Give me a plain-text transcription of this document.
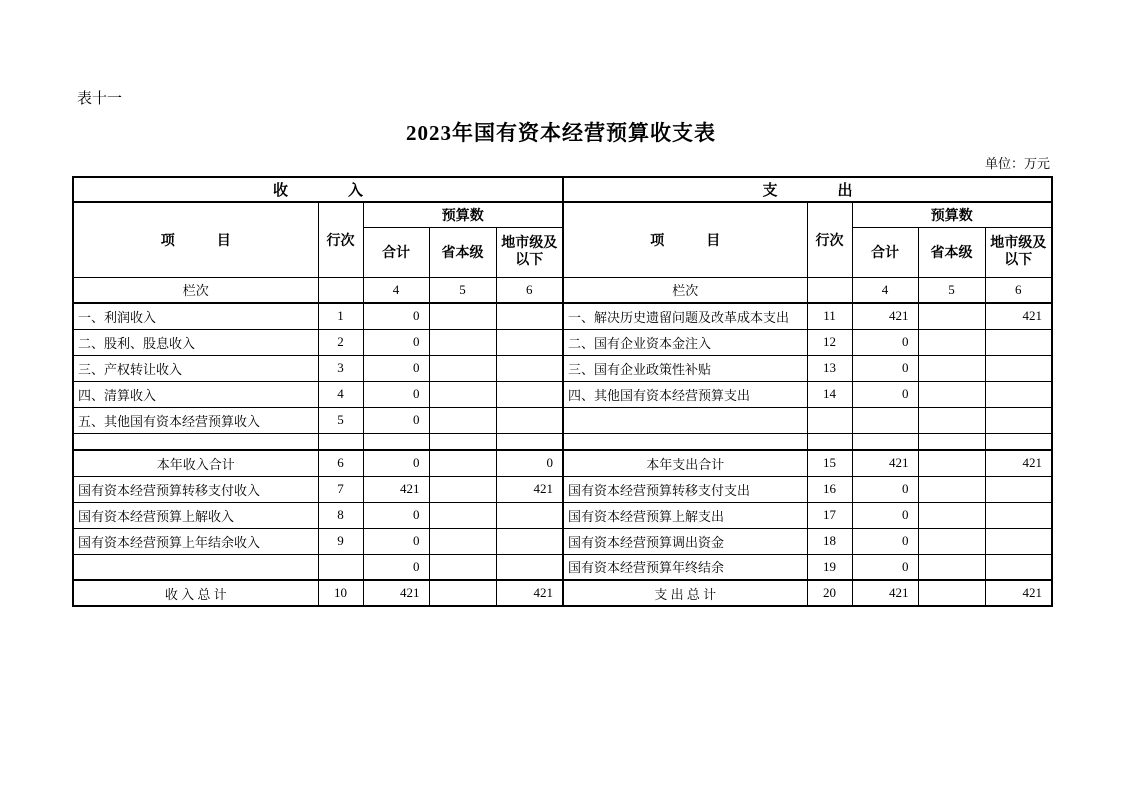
表十一
2023年国有资本经营预算收支表
单位：万元
收　　　　入					支　　　　出				
项　　　目	行次	预算数			项　　　目	行次	预算数		
		合计	省本级	地市级及以下			合计	省本级	地市级及以下
栏次		4	5	6	栏次		4	5	6
一、利润收入	1	0			一、解决历史遗留问题及改革成本支出	11	421		421
二、股利、股息收入	2	0			二、国有企业资本金注入	12	0		
三、产权转让收入	3	0			三、国有企业政策性补贴	13	0		
四、清算收入	4	0			四、其他国有资本经营预算支出	14	0		
五、其他国有资本经营预算收入	5	0							

本年收入合计	6	0		0	本年支出合计	15	421		421
国有资本经营预算转移支付收入	7	421		421	国有资本经营预算转移支付支出	16	0		
国有资本经营预算上解收入	8	0			国有资本经营预算上解支出	17	0		
国有资本经营预算上年结余收入	9	0			国有资本经营预算调出资金	18	0		
		0			国有资本经营预算年终结余	19	0		
收 入 总 计	10	421		421	支 出 总 计	20	421		421
